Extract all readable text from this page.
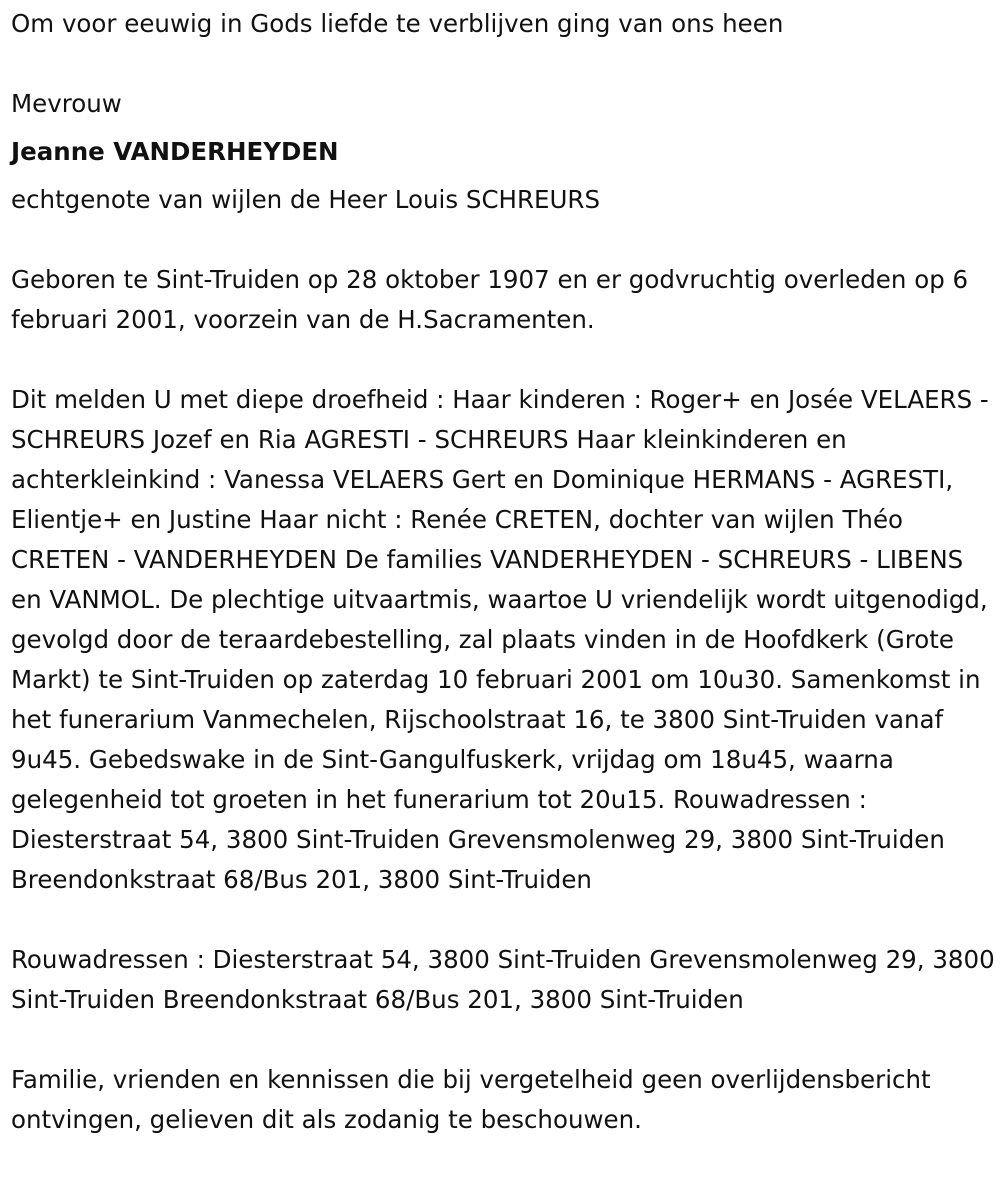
Om voor eeuwig in Gods liefde te verblijven ging van ons heen

Mevrouw

Jeanne VANDERHEYDEN

echtgenote van wijlen de Heer Louis SCHREURS

Geboren te Sint-Truiden op 28 oktober 1907 en er godvruchtig overleden op 6 februari 2001, voorzein van de H.Sacramenten.

Dit melden U met diepe droefheid : Haar kinderen : Roger+ en Josée VELAERS - SCHREURS Jozef en Ria AGRESTI - SCHREURS Haar kleinkinderen en achterkleinkind : Vanessa VELAERS Gert en Dominique HERMANS - AGRESTI, Elientje+ en Justine Haar nicht : Renée CRETEN, dochter van wijlen Théo CRETEN - VANDERHEYDEN De families VANDERHEYDEN - SCHREURS - LIBENS en VANMOL. De plechtige uitvaartmis, waartoe U vriendelijk wordt uitgenodigd, gevolgd door de teraardebestelling, zal plaats vinden in de Hoofdkerk (Grote Markt) te Sint-Truiden op zaterdag 10 februari 2001 om 10u30. Samenkomst in het funerarium Vanmechelen, Rijschoolstraat 16, te 3800 Sint-Truiden vanaf 9u45. Gebedswake in de Sint-Gangulfuskerk, vrijdag om 18u45, waarna gelegenheid tot groeten in het funerarium tot 20u15. Rouwadressen : Diesterstraat 54, 3800 Sint-Truiden Grevensmolenweg 29, 3800 Sint-Truiden Breendonkstraat 68/Bus 201, 3800 Sint-Truiden

Rouwadressen : Diesterstraat 54, 3800 Sint-Truiden Grevensmolenweg 29, 3800 Sint-Truiden Breendonkstraat 68/Bus 201, 3800 Sint-Truiden

Familie, vrienden en kennissen die bij vergetelheid geen overlijdensbericht ontvingen, gelieven dit als zodanig te beschouwen.
